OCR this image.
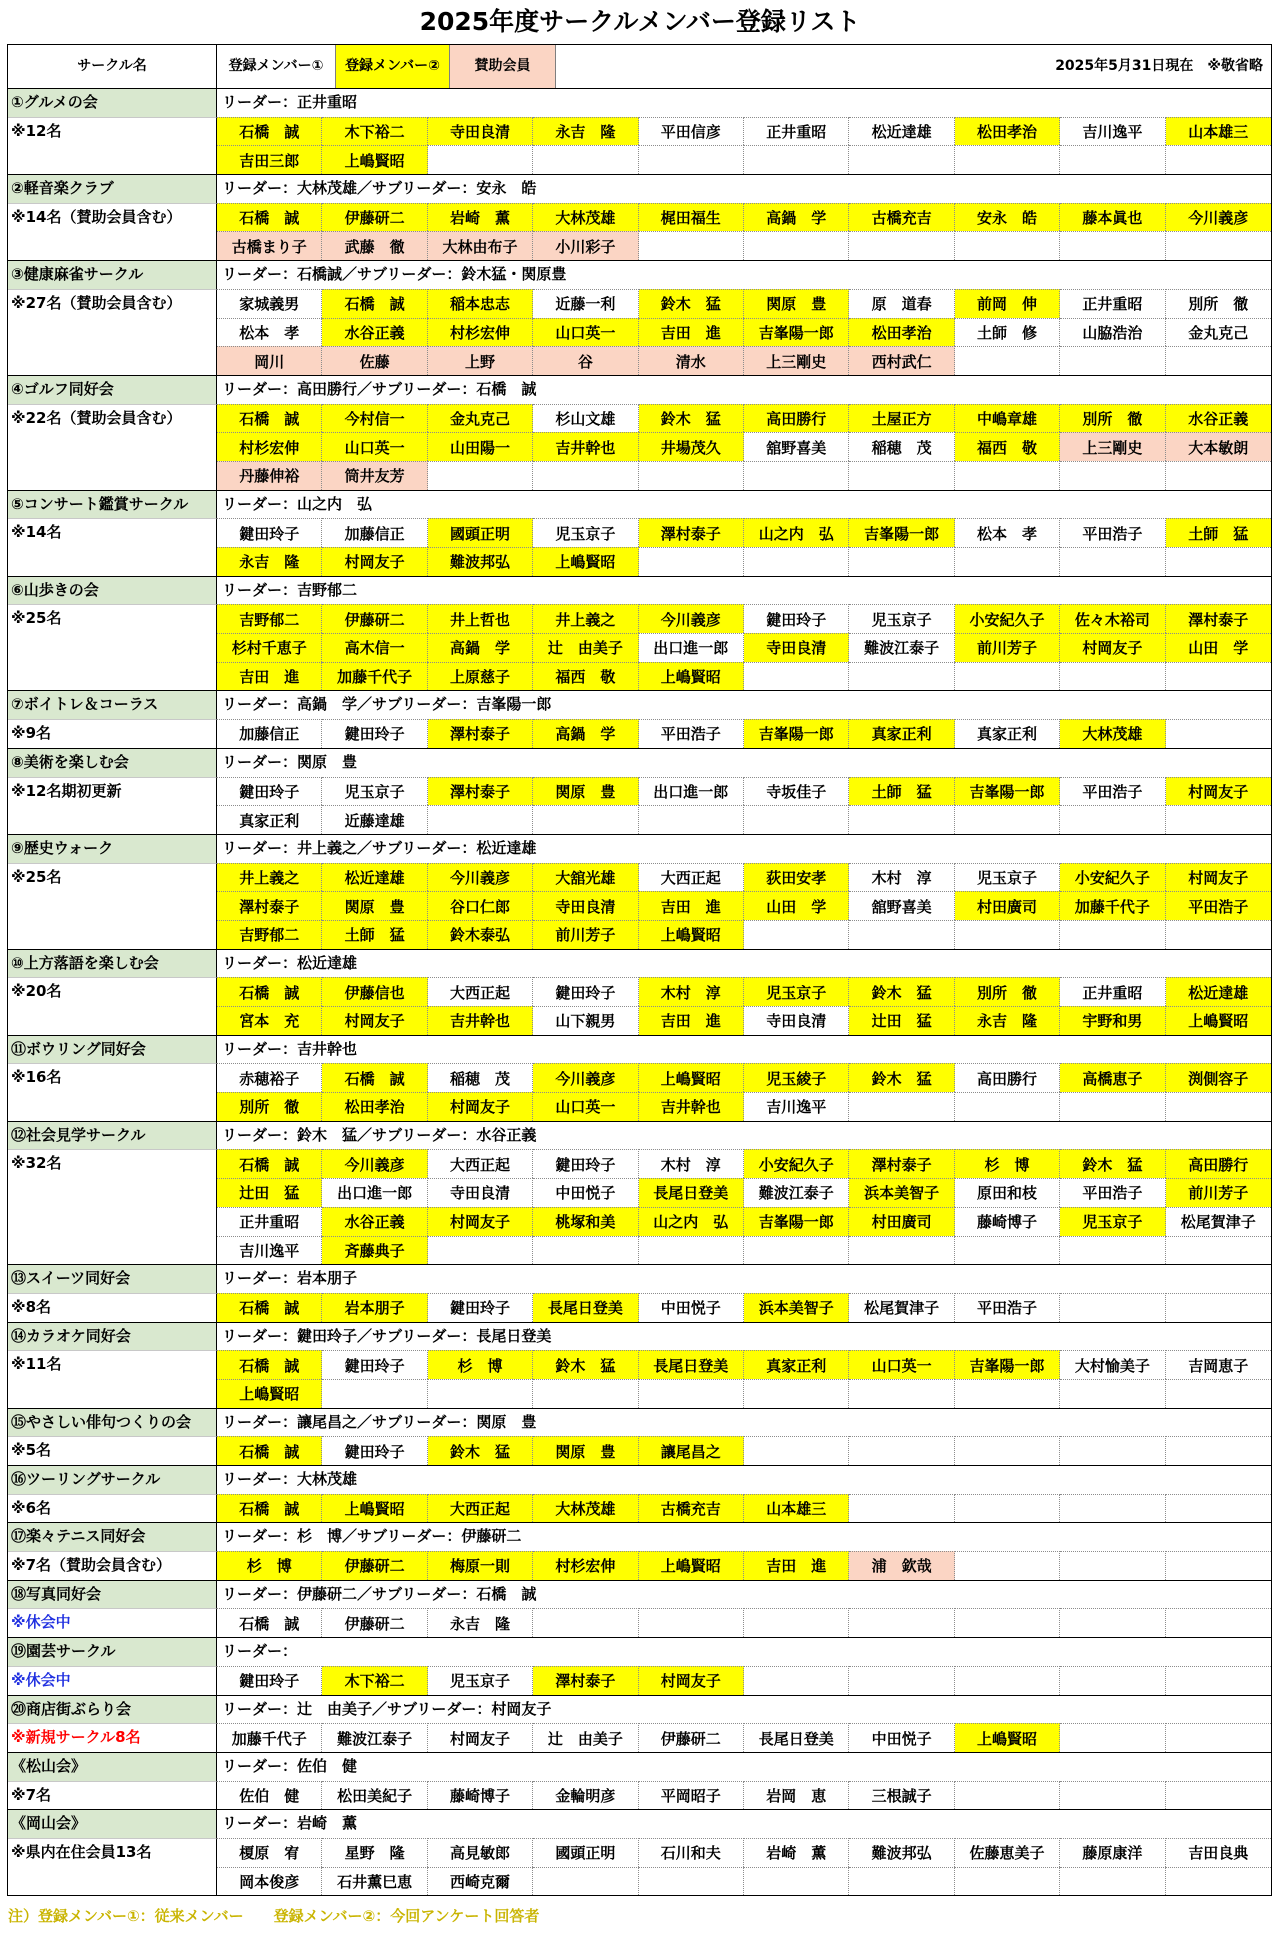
2025年度サークルメンバー登録リスト
サークル名	登録メンバー①	登録メンバー②	賛助会員	2025年5月31日現在　※敬省略
①グルメの会	リーダー：正井重昭
※12名	石橋　誠	木下裕二	寺田良清	永吉　隆	平田信彦	正井重昭	松近達雄	松田孝治	吉川逸平	山本雄三
吉田三郎	上嶋賢昭
②軽音楽クラブ	リーダー：大林茂雄／サブリーダー：安永　皓
※14名（賛助会員含む）	石橋　誠	伊藤研二	岩崎　薫	大林茂雄	梶田福生	高鍋　学	古橋充吉	安永　皓	藤本眞也	今川義彦
古橋まり子	武藤　徹	大林由布子	小川彩子
③健康麻雀サークル	リーダー：石橋誠／サブリーダー：鈴木猛・関原豊
※27名（賛助会員含む）	家城義男	石橋　誠	稲本忠志	近藤一利	鈴木　猛	関原　豊	原　道春	前岡　伸	正井重昭	別所　徹
松本　孝	水谷正義	村杉宏伸	山口英一	吉田　進	吉峯陽一郎	松田孝治	土師　修	山脇浩治	金丸克己
岡川	佐藤	上野	谷	清水	上三剛史	西村武仁
④ゴルフ同好会	リーダー：高田勝行／サブリーダー：石橋　誠
※22名（賛助会員含む）	石橋　誠	今村信一	金丸克己	杉山文雄	鈴木　猛	高田勝行	土屋正方	中嶋章雄	別所　徹	水谷正義
村杉宏伸	山口英一	山田陽一	吉井幹也	井場茂久	舘野喜美	稲穂　茂	福西　敬	上三剛史	大本敏朗
丹藤伸裕	筒井友芳
⑤コンサート鑑賞サークル	リーダー：山之内　弘
※14名	鍵田玲子	加藤信正	國頭正明	児玉京子	澤村泰子	山之内　弘	吉峯陽一郎	松本　孝	平田浩子	土師　猛
永吉　隆	村岡友子	難波邦弘	上嶋賢昭
⑥山歩きの会	リーダー：吉野郁二
※25名	吉野郁二	伊藤研二	井上哲也	井上義之	今川義彦	鍵田玲子	児玉京子	小安紀久子	佐々木裕司	澤村泰子
杉村千恵子	高木信一	高鍋　学	辻　由美子	出口進一郎	寺田良清	難波江泰子	前川芳子	村岡友子	山田　学
吉田　進	加藤千代子	上原慈子	福西　敬	上嶋賢昭
⑦ボイトレ＆コーラス	リーダー：高鍋　学／サブリーダー：吉峯陽一郎
※9名	加藤信正	鍵田玲子	澤村泰子	高鍋　学	平田浩子	吉峯陽一郎	真家正利	真家正利	大林茂雄
⑧美術を楽しむ会	リーダー：関原　豊
※12名期初更新	鍵田玲子	児玉京子	澤村泰子	関原　豊	出口進一郎	寺坂佳子	土師　猛	吉峯陽一郎	平田浩子	村岡友子
真家正利	近藤達雄
⑨歴史ウォーク	リーダー：井上義之／サブリーダー：松近達雄
※25名	井上義之	松近達雄	今川義彦	大舘光雄	大西正起	荻田安孝	木村　淳	児玉京子	小安紀久子	村岡友子
澤村泰子	関原　豊	谷口仁郎	寺田良清	吉田　進	山田　学	舘野喜美	村田廣司	加藤千代子	平田浩子
吉野郁二	土師　猛	鈴木泰弘	前川芳子	上嶋賢昭
⑩上方落語を楽しむ会	リーダー：松近達雄
※20名	石橋　誠	伊藤信也	大西正起	鍵田玲子	木村　淳	児玉京子	鈴木　猛	別所　徹	正井重昭	松近達雄
宮本　充	村岡友子	吉井幹也	山下親男	吉田　進	寺田良清	辻田　猛	永吉　隆	宇野和男	上嶋賢昭
⑪ボウリング同好会	リーダー：吉井幹也
※16名	赤穂裕子	石橋　誠	稲穂　茂	今川義彦	上嶋賢昭	児玉綾子	鈴木　猛	高田勝行	高橋恵子	渕側容子
別所　徹	松田孝治	村岡友子	山口英一	吉井幹也	吉川逸平
⑫社会見学サークル	リーダー：鈴木　猛／サブリーダー：水谷正義
※32名	石橋　誠	今川義彦	大西正起	鍵田玲子	木村　淳	小安紀久子	澤村泰子	杉　博	鈴木　猛	高田勝行
辻田　猛	出口進一郎	寺田良清	中田悦子	長尾日登美	難波江泰子	浜本美智子	原田和枝	平田浩子	前川芳子
正井重昭	水谷正義	村岡友子	桃塚和美	山之内　弘	吉峯陽一郎	村田廣司	藤崎博子	児玉京子	松尾賀津子
吉川逸平	斉藤典子
⑬スイーツ同好会	リーダー：岩本朋子
※8名	石橋　誠	岩本朋子	鍵田玲子	長尾日登美	中田悦子	浜本美智子	松尾賀津子	平田浩子
⑭カラオケ同好会	リーダー：鍵田玲子／サブリーダー：長尾日登美
※11名	石橋　誠	鍵田玲子	杉　博	鈴木　猛	長尾日登美	真家正利	山口英一	吉峯陽一郎	大村愉美子	吉岡恵子
上嶋賢昭
⑮やさしい俳句つくりの会	リーダー：讓尾昌之／サブリーダー：関原　豊
※5名	石橋　誠	鍵田玲子	鈴木　猛	関原　豊	讓尾昌之
⑯ツーリングサークル	リーダー：大林茂雄
※6名	石橋　誠	上嶋賢昭	大西正起	大林茂雄	古橋充吉	山本雄三
⑰楽々テニス同好会	リーダー：杉　博／サブリーダー：伊藤研二
※7名（賛助会員含む）	杉　博	伊藤研二	梅原一則	村杉宏伸	上嶋賢昭	吉田　進	浦　欽哉
⑱写真同好会	リーダー：伊藤研二／サブリーダー：石橋　誠
※休会中	石橋　誠	伊藤研二	永吉　隆
⑲園芸サークル	リーダー：
※休会中	鍵田玲子	木下裕二	児玉京子	澤村泰子	村岡友子
⑳商店街ぶらり会	リーダー：辻　由美子／サブリーダー：村岡友子
※新規サークル8名	加藤千代子	難波江泰子	村岡友子	辻　由美子	伊藤研二	長尾日登美	中田悦子	上嶋賢昭
《松山会》	リーダー：佐伯　健
※7名	佐伯　健	松田美紀子	藤崎博子	金輪明彦	平岡昭子	岩岡　恵	三根誠子
《岡山会》	リーダー：岩崎　薫
※県内在住会員13名	榎原　宥	星野　隆	高見敏郎	國頭正明	石川和夫	岩崎　薫	難波邦弘	佐藤恵美子	藤原康洋	吉田良典
岡本俊彦	石井薫巳恵	西崎克爾
注）登録メンバー①：従来メンバー　　登録メンバー②：今回アンケート回答者
